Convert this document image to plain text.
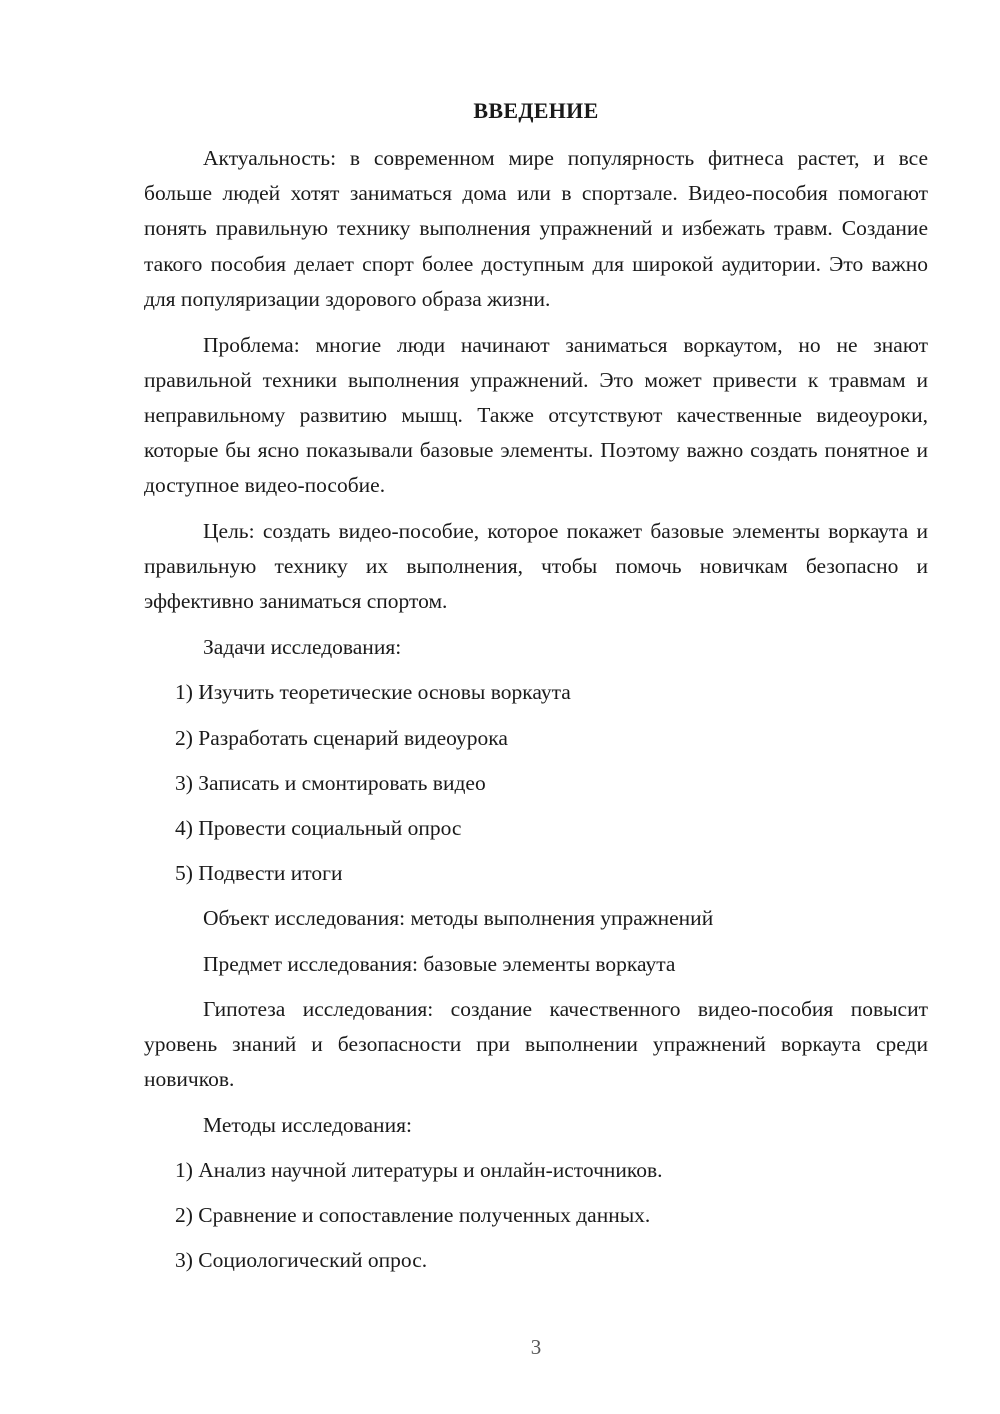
ВВЕДЕНИЕ

Актуальность: в современном мире популярность фитнеса растет, и все больше людей хотят заниматься дома или в спортзале. Видео-пособия помогают понять правильную технику выполнения упражнений и избежать травм. Создание такого пособия делает спорт более доступным для широкой аудитории. Это важно для популяризации здорового образа жизни.

Проблема: многие люди начинают заниматься воркаутом, но не знают правильной техники выполнения упражнений. Это может привести к травмам и неправильному развитию мышц. Также отсутствуют качественные видеоуроки, которые бы ясно показывали базовые элементы. Поэтому важно создать понятное и доступное видео-пособие.

Цель: создать видео-пособие, которое покажет базовые элементы воркаута и правильную технику их выполнения, чтобы помочь новичкам безопасно и эффективно заниматься спортом.

Задачи исследования:

1) Изучить теоретические основы воркаута

2) Разработать сценарий видеоурока

3) Записать и смонтировать видео

4) Провести социальный опрос

5) Подвести итоги

Объект исследования: методы выполнения упражнений

Предмет исследования: базовые элементы воркаута

Гипотеза исследования: создание качественного видео-пособия повысит уровень знаний и безопасности при выполнении упражнений воркаута среди новичков.

Методы исследования:

1) Анализ научной литературы и онлайн-источников.

2) Сравнение и сопоставление полученных данных.

3) Социологический опрос.

3
